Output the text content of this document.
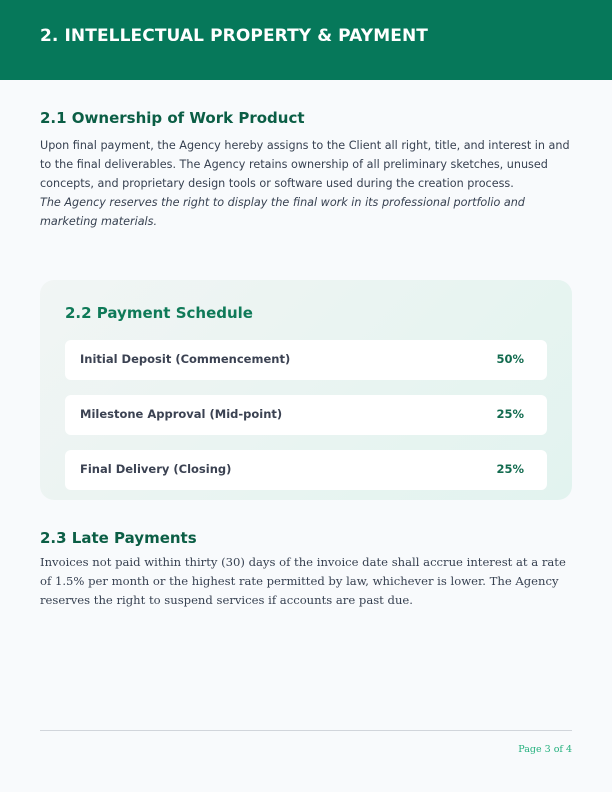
2. INTELLECTUAL PROPERTY & PAYMENT
2.1 Ownership of Work Product
Upon final payment, the Agency hereby assigns to the Client all right, title, and interest in and to the final deliverables. The Agency retains ownership of all preliminary sketches, unused concepts, and proprietary design tools or software used during the creation process.
The Agency reserves the right to display the final work in its professional portfolio and marketing materials.
2.2 Payment Schedule
Initial Deposit (Commencement)	50%
Milestone Approval (Mid-point)	25%
Final Delivery (Closing)	25%
2.3 Late Payments
Invoices not paid within thirty (30) days of the invoice date shall accrue interest at a rate of 1.5% per month or the highest rate permitted by law, whichever is lower. The Agency reserves the right to suspend services if accounts are past due.
Page 3 of 4
